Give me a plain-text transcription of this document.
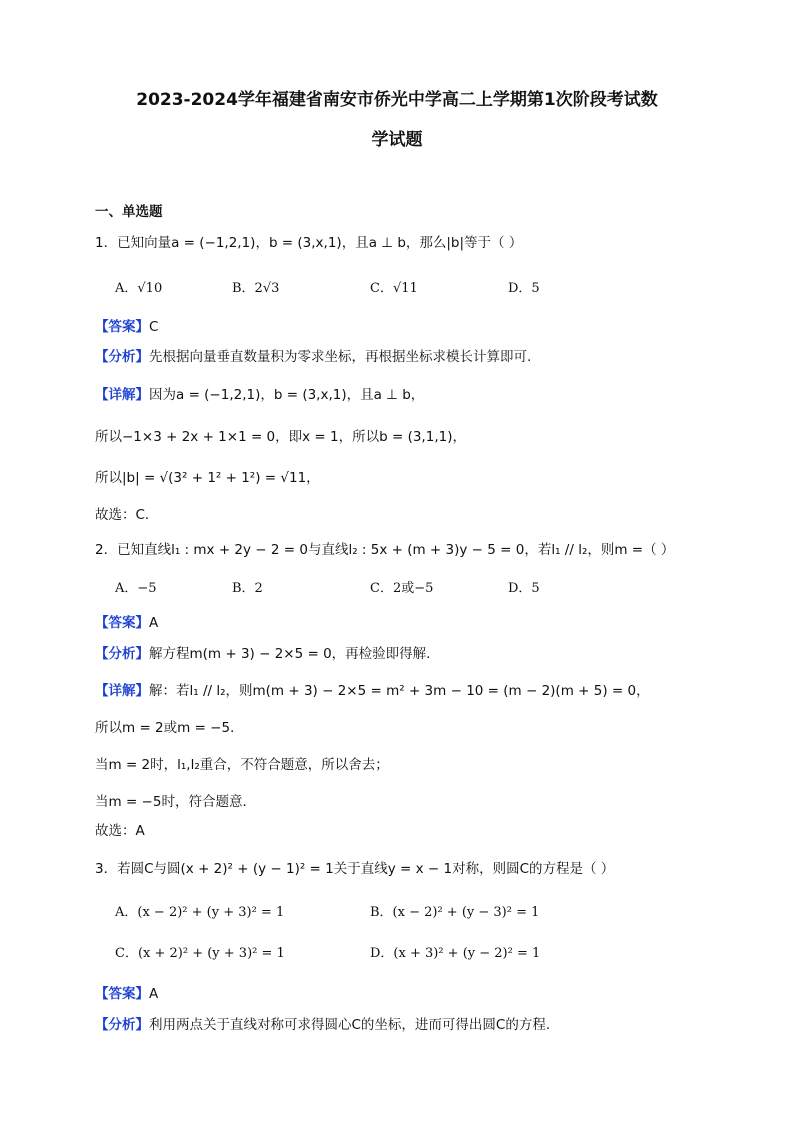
2023-2024学年福建省南安市侨光中学高二上学期第1次阶段考试数
学试题
一、单选题
1．已知向量a = (−1,2,1)，b = (3,x,1)，且a ⊥ b，那么|b|等于（ ）
A．√10	B．2√3	C．√11	D．5
【答案】C
【分析】先根据向量垂直数量积为零求坐标，再根据坐标求模长计算即可.
【详解】因为a = (−1,2,1)，b = (3,x,1)，且a ⊥ b，
所以−1×3 + 2x + 1×1 = 0，即x = 1，所以b = (3,1,1)，
所以|b| = √(3² + 1² + 1²) = √11，
故选：C．
2．已知直线l₁ : mx + 2y − 2 = 0与直线l₂ : 5x + (m + 3)y − 5 = 0，若l₁ // l₂，则m =（ ）
A．−5	B．2	C．2或−5	D．5
【答案】A
【分析】解方程m(m + 3) − 2×5 = 0，再检验即得解.
【详解】解：若l₁ // l₂，则m(m + 3) − 2×5 = m² + 3m − 10 = (m − 2)(m + 5) = 0，
所以m = 2或m = −5．
当m = 2时，l₁,l₂重合，不符合题意，所以舍去；
当m = −5时，符合题意．
故选：A
3．若圆C与圆(x + 2)² + (y − 1)² = 1关于直线y = x − 1对称，则圆C的方程是（ ）
A．(x − 2)² + (y + 3)² = 1	B．(x − 2)² + (y − 3)² = 1
C．(x + 2)² + (y + 3)² = 1	D．(x + 3)² + (y − 2)² = 1
【答案】A
【分析】利用两点关于直线对称可求得圆心C的坐标，进而可得出圆C的方程.
